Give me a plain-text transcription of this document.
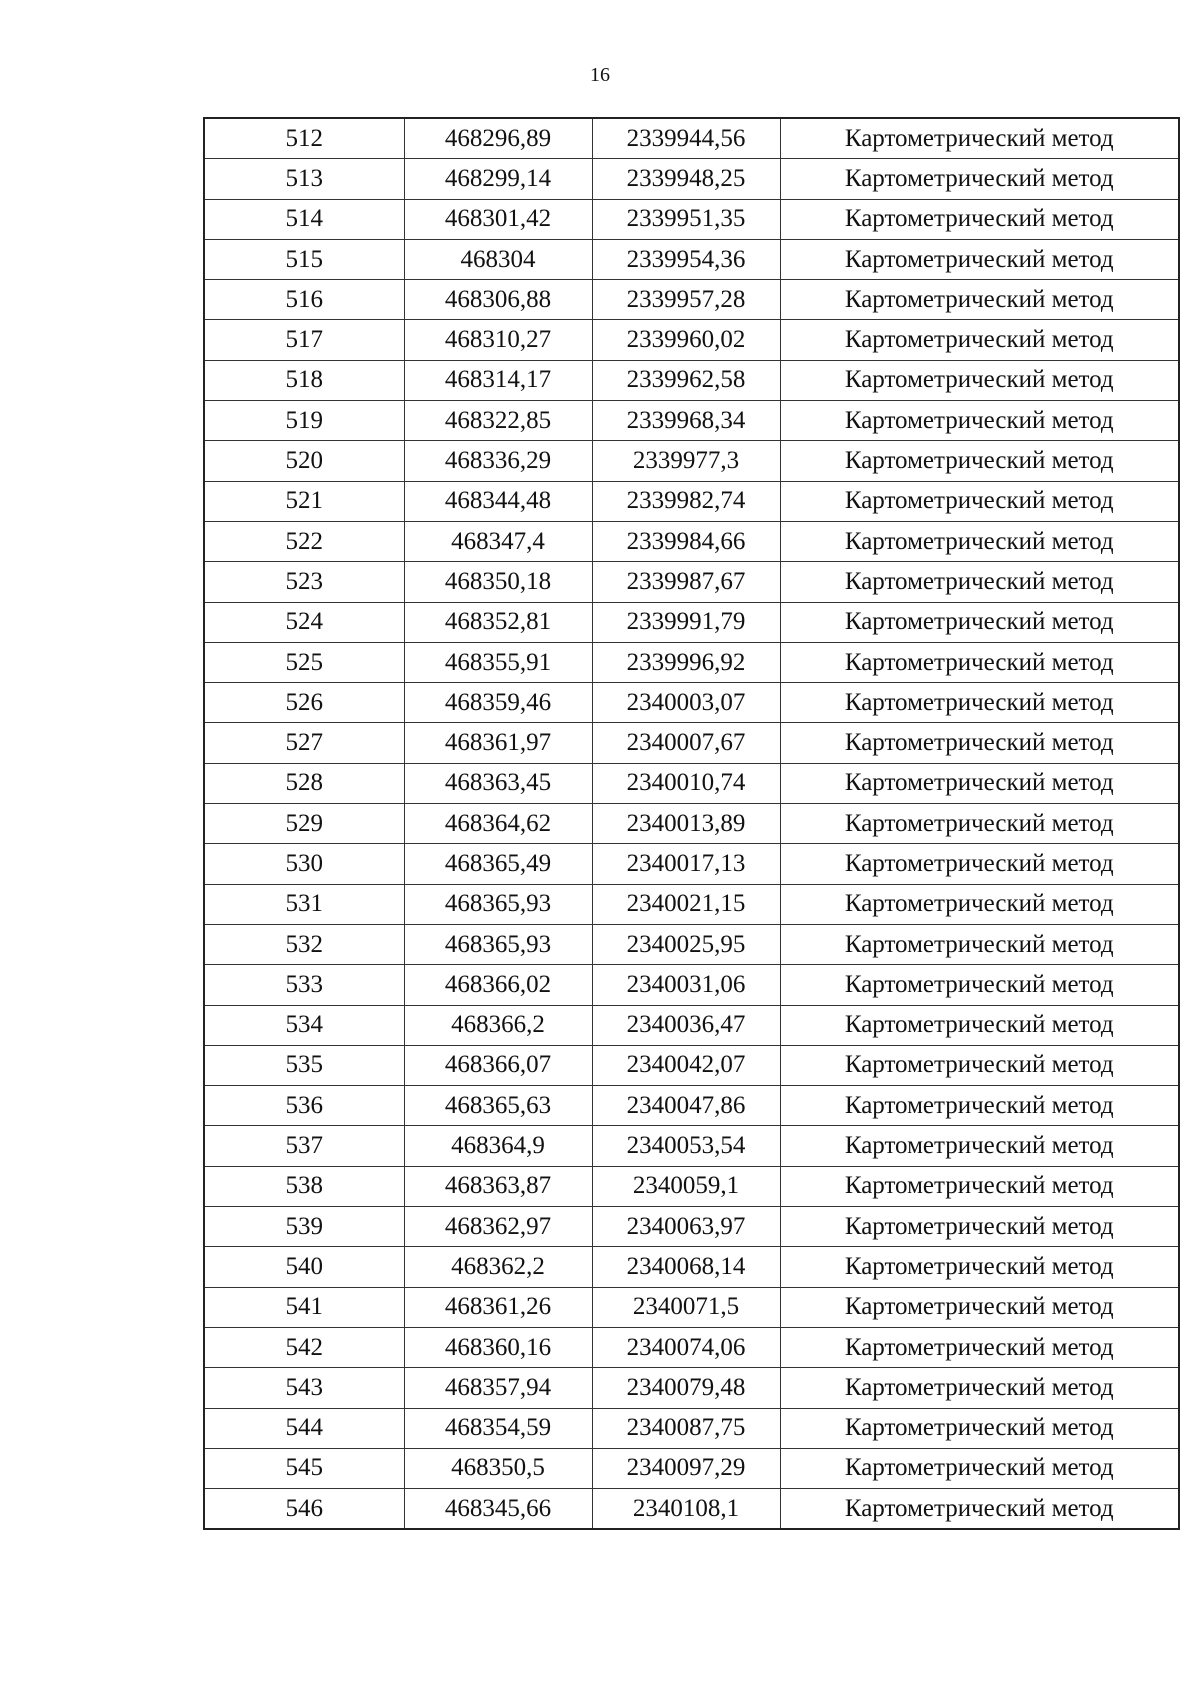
16
512	468296,89	2339944,56	Картометрический метод
513	468299,14	2339948,25	Картометрический метод
514	468301,42	2339951,35	Картометрический метод
515	468304	2339954,36	Картометрический метод
516	468306,88	2339957,28	Картометрический метод
517	468310,27	2339960,02	Картометрический метод
518	468314,17	2339962,58	Картометрический метод
519	468322,85	2339968,34	Картометрический метод
520	468336,29	2339977,3	Картометрический метод
521	468344,48	2339982,74	Картометрический метод
522	468347,4	2339984,66	Картометрический метод
523	468350,18	2339987,67	Картометрический метод
524	468352,81	2339991,79	Картометрический метод
525	468355,91	2339996,92	Картометрический метод
526	468359,46	2340003,07	Картометрический метод
527	468361,97	2340007,67	Картометрический метод
528	468363,45	2340010,74	Картометрический метод
529	468364,62	2340013,89	Картометрический метод
530	468365,49	2340017,13	Картометрический метод
531	468365,93	2340021,15	Картометрический метод
532	468365,93	2340025,95	Картометрический метод
533	468366,02	2340031,06	Картометрический метод
534	468366,2	2340036,47	Картометрический метод
535	468366,07	2340042,07	Картометрический метод
536	468365,63	2340047,86	Картометрический метод
537	468364,9	2340053,54	Картометрический метод
538	468363,87	2340059,1	Картометрический метод
539	468362,97	2340063,97	Картометрический метод
540	468362,2	2340068,14	Картометрический метод
541	468361,26	2340071,5	Картометрический метод
542	468360,16	2340074,06	Картометрический метод
543	468357,94	2340079,48	Картометрический метод
544	468354,59	2340087,75	Картометрический метод
545	468350,5	2340097,29	Картометрический метод
546	468345,66	2340108,1	Картометрический метод
